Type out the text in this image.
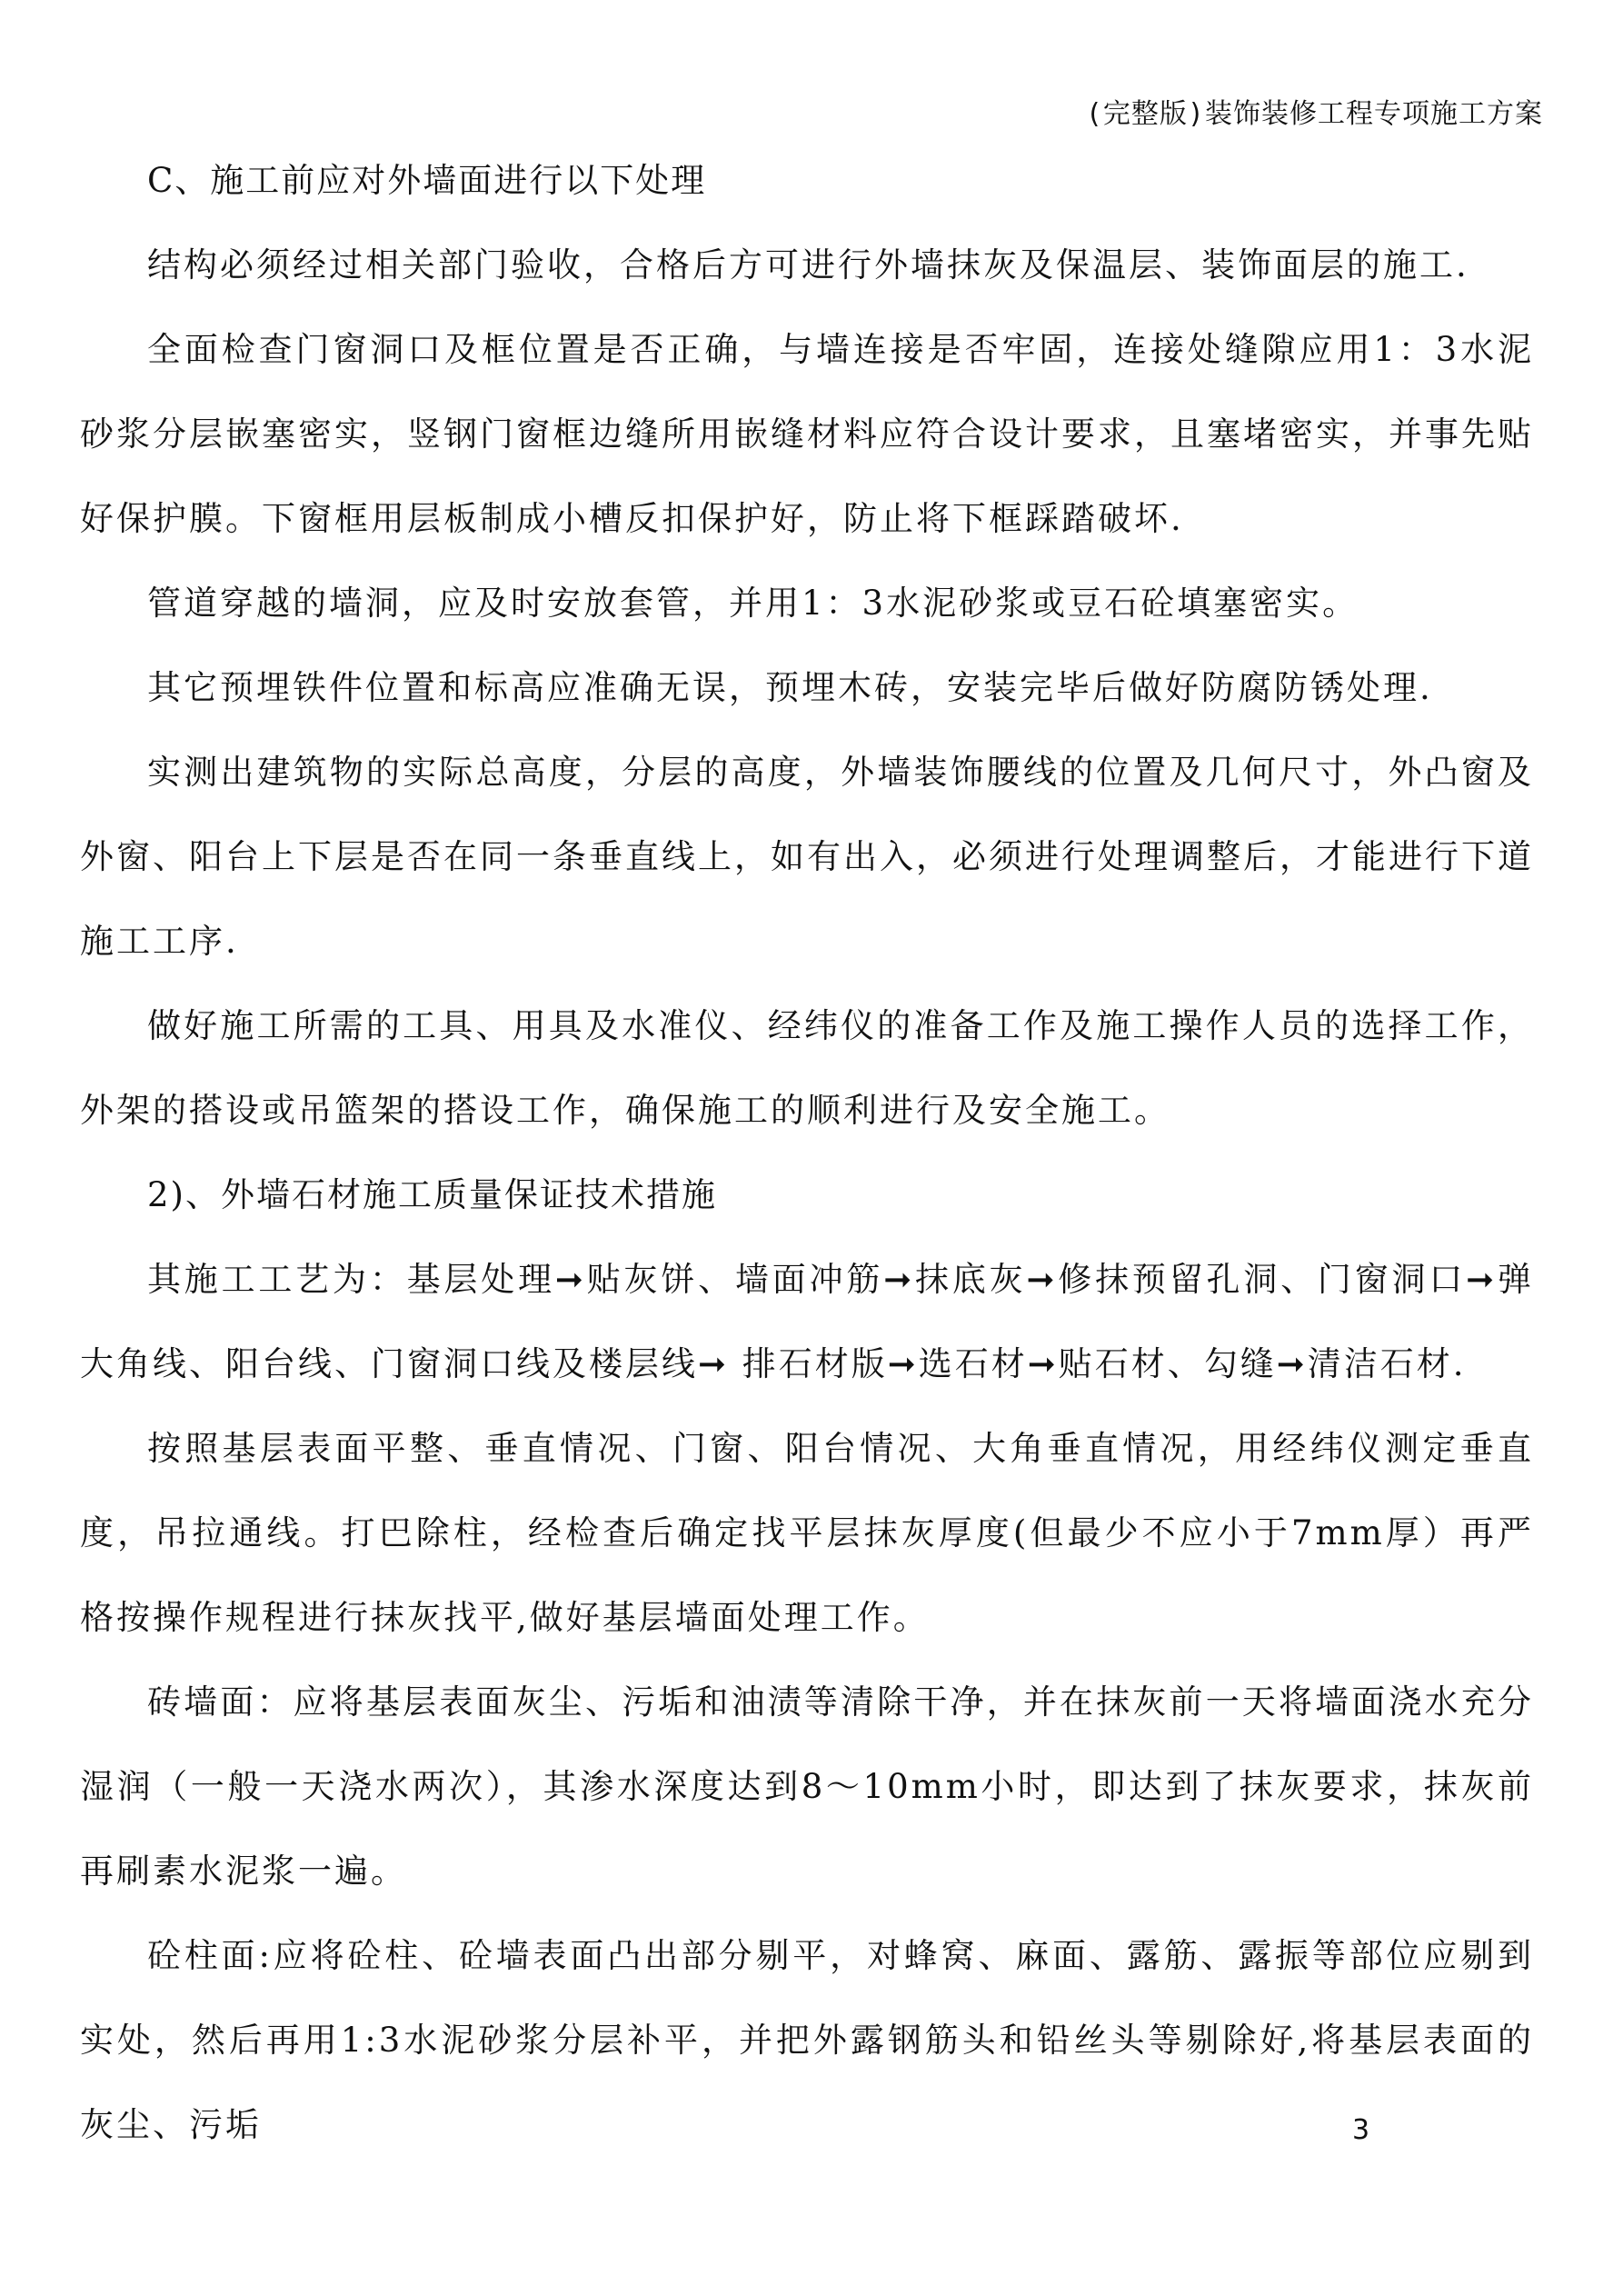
(完整版)装饰装修工程专项施工方案

C、施工前应对外墙面进行以下处理

结构必须经过相关部门验收，合格后方可进行外墙抹灰及保温层、装饰面层的施工.

全面检查门窗洞口及框位置是否正确，与墙连接是否牢固，连接处缝隙应用1：3水泥砂浆分层嵌塞密实，竖钢门窗框边缝所用嵌缝材料应符合设计要求，且塞堵密实，并事先贴好保护膜。下窗框用层板制成小槽反扣保护好，防止将下框踩踏破坏.

管道穿越的墙洞，应及时安放套管，并用1：3水泥砂浆或豆石砼填塞密实。

其它预埋铁件位置和标高应准确无误，预埋木砖，安装完毕后做好防腐防锈处理.

实测出建筑物的实际总高度，分层的高度，外墙装饰腰线的位置及几何尺寸，外凸窗及外窗、阳台上下层是否在同一条垂直线上，如有出入，必须进行处理调整后，才能进行下道施工工序.

做好施工所需的工具、用具及水准仪、经纬仪的准备工作及施工操作人员的选择工作，外架的搭设或吊篮架的搭设工作，确保施工的顺利进行及安全施工。

2)、外墙石材施工质量保证技术措施

其施工工艺为：基层处理➞贴灰饼、墙面冲筋➞抹底灰➞修抹预留孔洞、门窗洞口➞弹大角线、阳台线、门窗洞口线及楼层线➞ 排石材版➞选石材➞贴石材、勾缝➞清洁石材.

按照基层表面平整、垂直情况、门窗、阳台情况、大角垂直情况，用经纬仪测定垂直度，吊拉通线。打巴除柱，经检查后确定找平层抹灰厚度(但最少不应小于7mm厚）再严格按操作规程进行抹灰找平,做好基层墙面处理工作。

砖墙面：应将基层表面灰尘、污垢和油渍等清除干净，并在抹灰前一天将墙面浇水充分湿润（一般一天浇水两次），其渗水深度达到8～10mm小时，即达到了抹灰要求，抹灰前再刷素水泥浆一遍。

砼柱面:应将砼柱、砼墙表面凸出部分剔平，对蜂窝、麻面、露筋、露振等部位应剔到实处，然后再用1:3水泥砂浆分层补平，并把外露钢筋头和铅丝头等剔除好,将基层表面的灰尘、污垢	3
